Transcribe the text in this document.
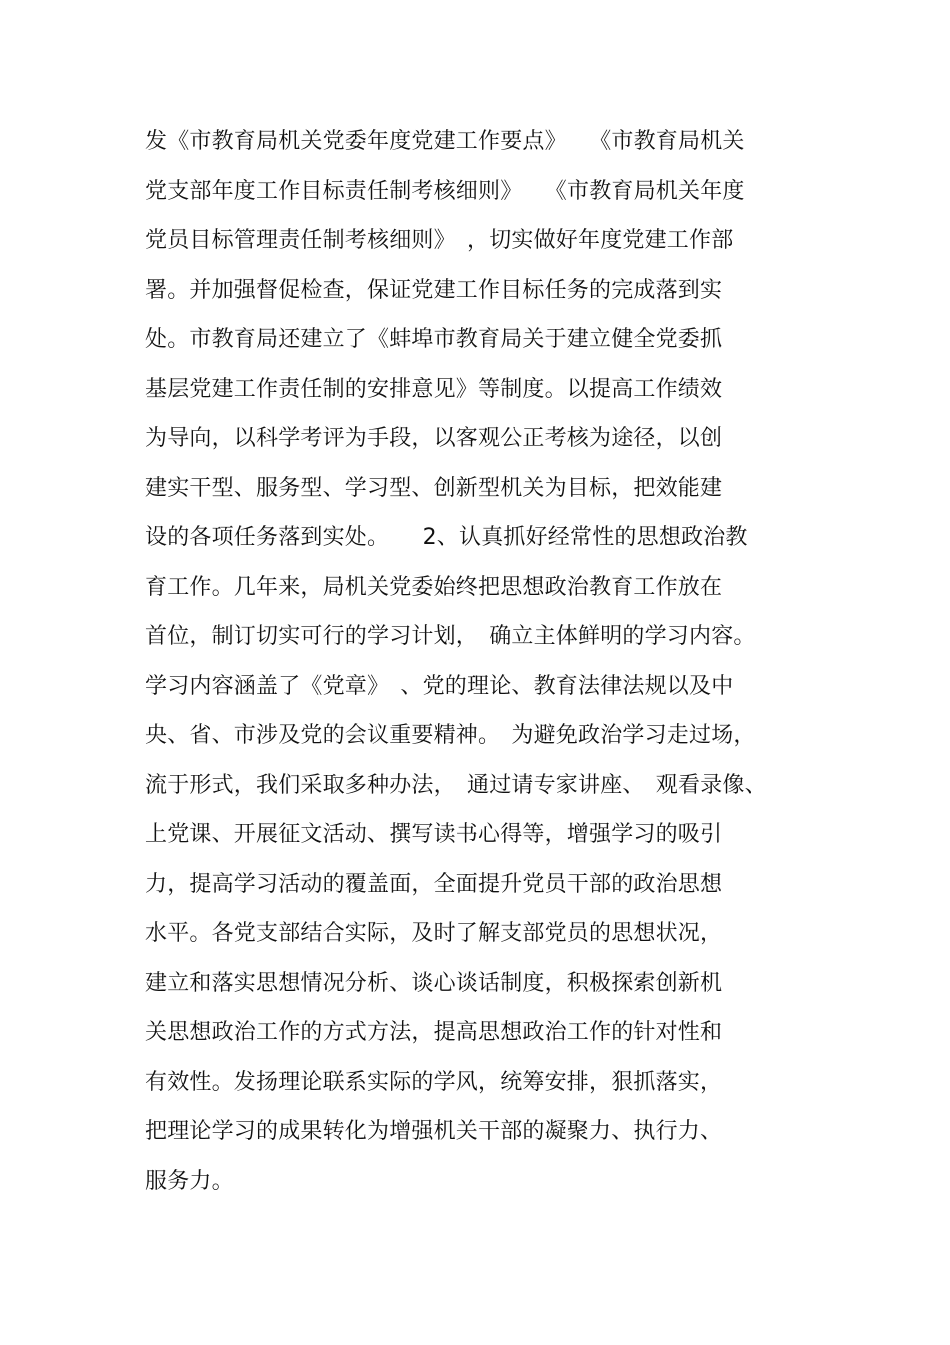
发《市教育局机关党委年度党建工作要点》　　《市教育局机关
党支部年度工作目标责任制考核细则》　　《市教育局机关年度
党员目标管理责任制考核细则》　，切实做好年度党建工作部
署。并加强督促检查，保证党建工作目标任务的完成落到实
处。市教育局还建立了《蚌埠市教育局关于建立健全党委抓
基层党建工作责任制的安排意见》等制度。以提高工作绩效
为导向，以科学考评为手段，以客观公正考核为途径，以创
建实干型、服务型、学习型、创新型机关为目标，把效能建
设的各项任务落到实处。　　2、认真抓好经常性的思想政治教
育工作。几年来，局机关党委始终把思想政治教育工作放在
首位，制订切实可行的学习计划，　确立主体鲜明的学习内容。
学习内容涵盖了《党章》　、党的理论、教育法律法规以及中
央、省、市涉及党的会议重要精神。　为避免政治学习走过场，
流于形式，我们采取多种办法，　通过请专家讲座、　观看录像、
上党课、开展征文活动、撰写读书心得等，增强学习的吸引
力，提高学习活动的覆盖面，全面提升党员干部的政治思想
水平。各党支部结合实际，及时了解支部党员的思想状况，
建立和落实思想情况分析、谈心谈话制度，积极探索创新机
关思想政治工作的方式方法，提高思想政治工作的针对性和
有效性。发扬理论联系实际的学风，统筹安排，狠抓落实，
把理论学习的成果转化为增强机关干部的凝聚力、执行力、
服务力。
